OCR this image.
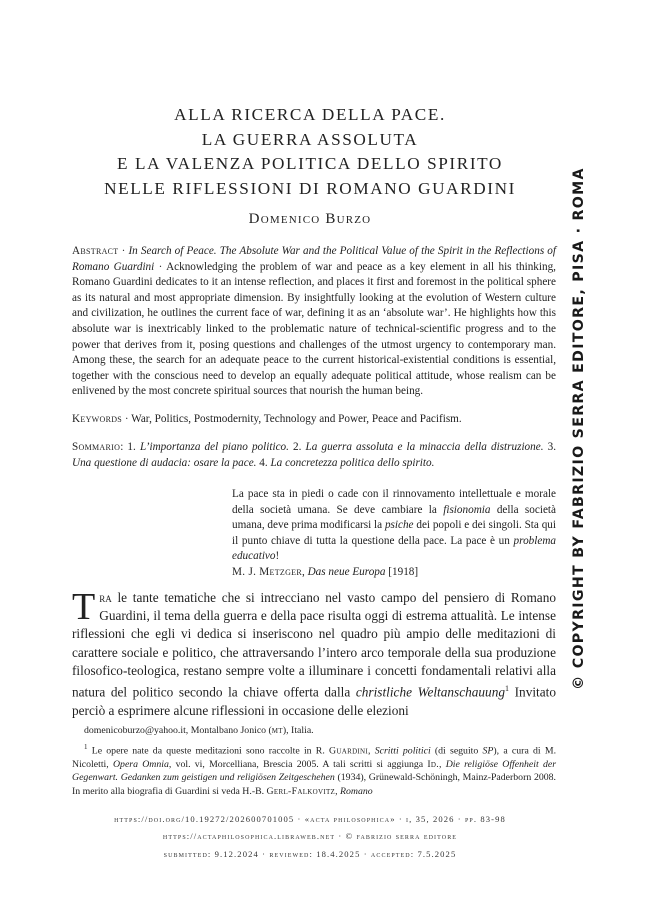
ALLA RICERCA DELLA PACE.
LA GUERRA ASSOLUTA
E LA VALENZA POLITICA DELLO SPIRITO
NELLE RIFLESSIONI DI ROMANO GUARDINI
Domenico Burzo
Abstract · In Search of Peace. The Absolute War and the Political Value of the Spirit in the Reflections of Romano Guardini · Acknowledging the problem of war and peace as a key element in all his thinking, Romano Guardini dedicates to it an intense reflection, and places it first and foremost in the political sphere as its natural and most appropriate dimension. By insightfully looking at the evolution of Western culture and civilization, he outlines the current face of war, defining it as an ‘absolute war’. He highlights how this absolute war is inextricably linked to the problematic nature of technical-scientific progress and to the power that derives from it, posing questions and challenges of the utmost urgency to contemporary man. Among these, the search for an adequate peace to the current historical-existential conditions is essential, together with the conscious need to develop an equally adequate political attitude, whose realism can be enlivened by the most concrete spiritual sources that nourish the human being.
Keywords · War, Politics, Postmodernity, Technology and Power, Peace and Pacifism.
Sommario: 1. L’importanza del piano politico. 2. La guerra assoluta e la minaccia della distruzione. 3. Una questione di audacia: osare la pace. 4. La concretezza politica dello spirito.
La pace sta in piedi o cade con il rinnovamento intellettuale e morale della società umana. Se deve cambiare la fisionomia della società umana, deve prima modificarsi la psiche dei popoli e dei singoli. Sta qui il punto chiave di tutta la questione della pace. La pace è un problema educativo!
M. J. Metzger, Das neue Europa [1918]
Tra le tante tematiche che si intrecciano nel vasto campo del pensiero di Romano Guardini, il tema della guerra e della pace risulta oggi di estrema attualità. Le intense riflessioni che egli vi dedica si inseriscono nel quadro più ampio delle meditazioni di carattere sociale e politico, che attraversando l’intero arco temporale della sua produzione filosofico-teologica, restano sempre volte a illuminare i concetti fondamentali relativi alla natura del politico secondo la chiave offerta dalla christliche Weltanschauung$^1$ Invitato perciò a esprimere alcune riflessioni in occasione delle elezioni
domenicoburzo@yahoo.it, Montalbano Jonico (mt), Italia.
$^1$ Le opere nate da queste meditazioni sono raccolte in R. Guardini, Scritti politici (di seguito SP), a cura di M. Nicoletti, Opera Omnia, vol. vi, Morcelliana, Brescia 2005. A tali scritti si aggiunga Id., Die religiöse Offenheit der Gegenwart. Gedanken zum geistigen und religiösen Zeitgeschehen (1934), Grünewald-Schöningh, Mainz-Paderborn 2008. In merito alla biografia di Guardini si veda H.-B. Gerl-Falkovitz, Romano
https://doi.org/10.19272/202600701005 · «acta philosophica» · i, 35, 2026 · pp. 83-98
https://actaphilosophica.libraweb.net · © fabrizio serra editore
submitted: 9.12.2024 · reviewed: 18.4.2025 · accepted: 7.5.2025
© COPYRIGHT BY FABRIZIO SERRA EDITORE, PISA · ROMA
